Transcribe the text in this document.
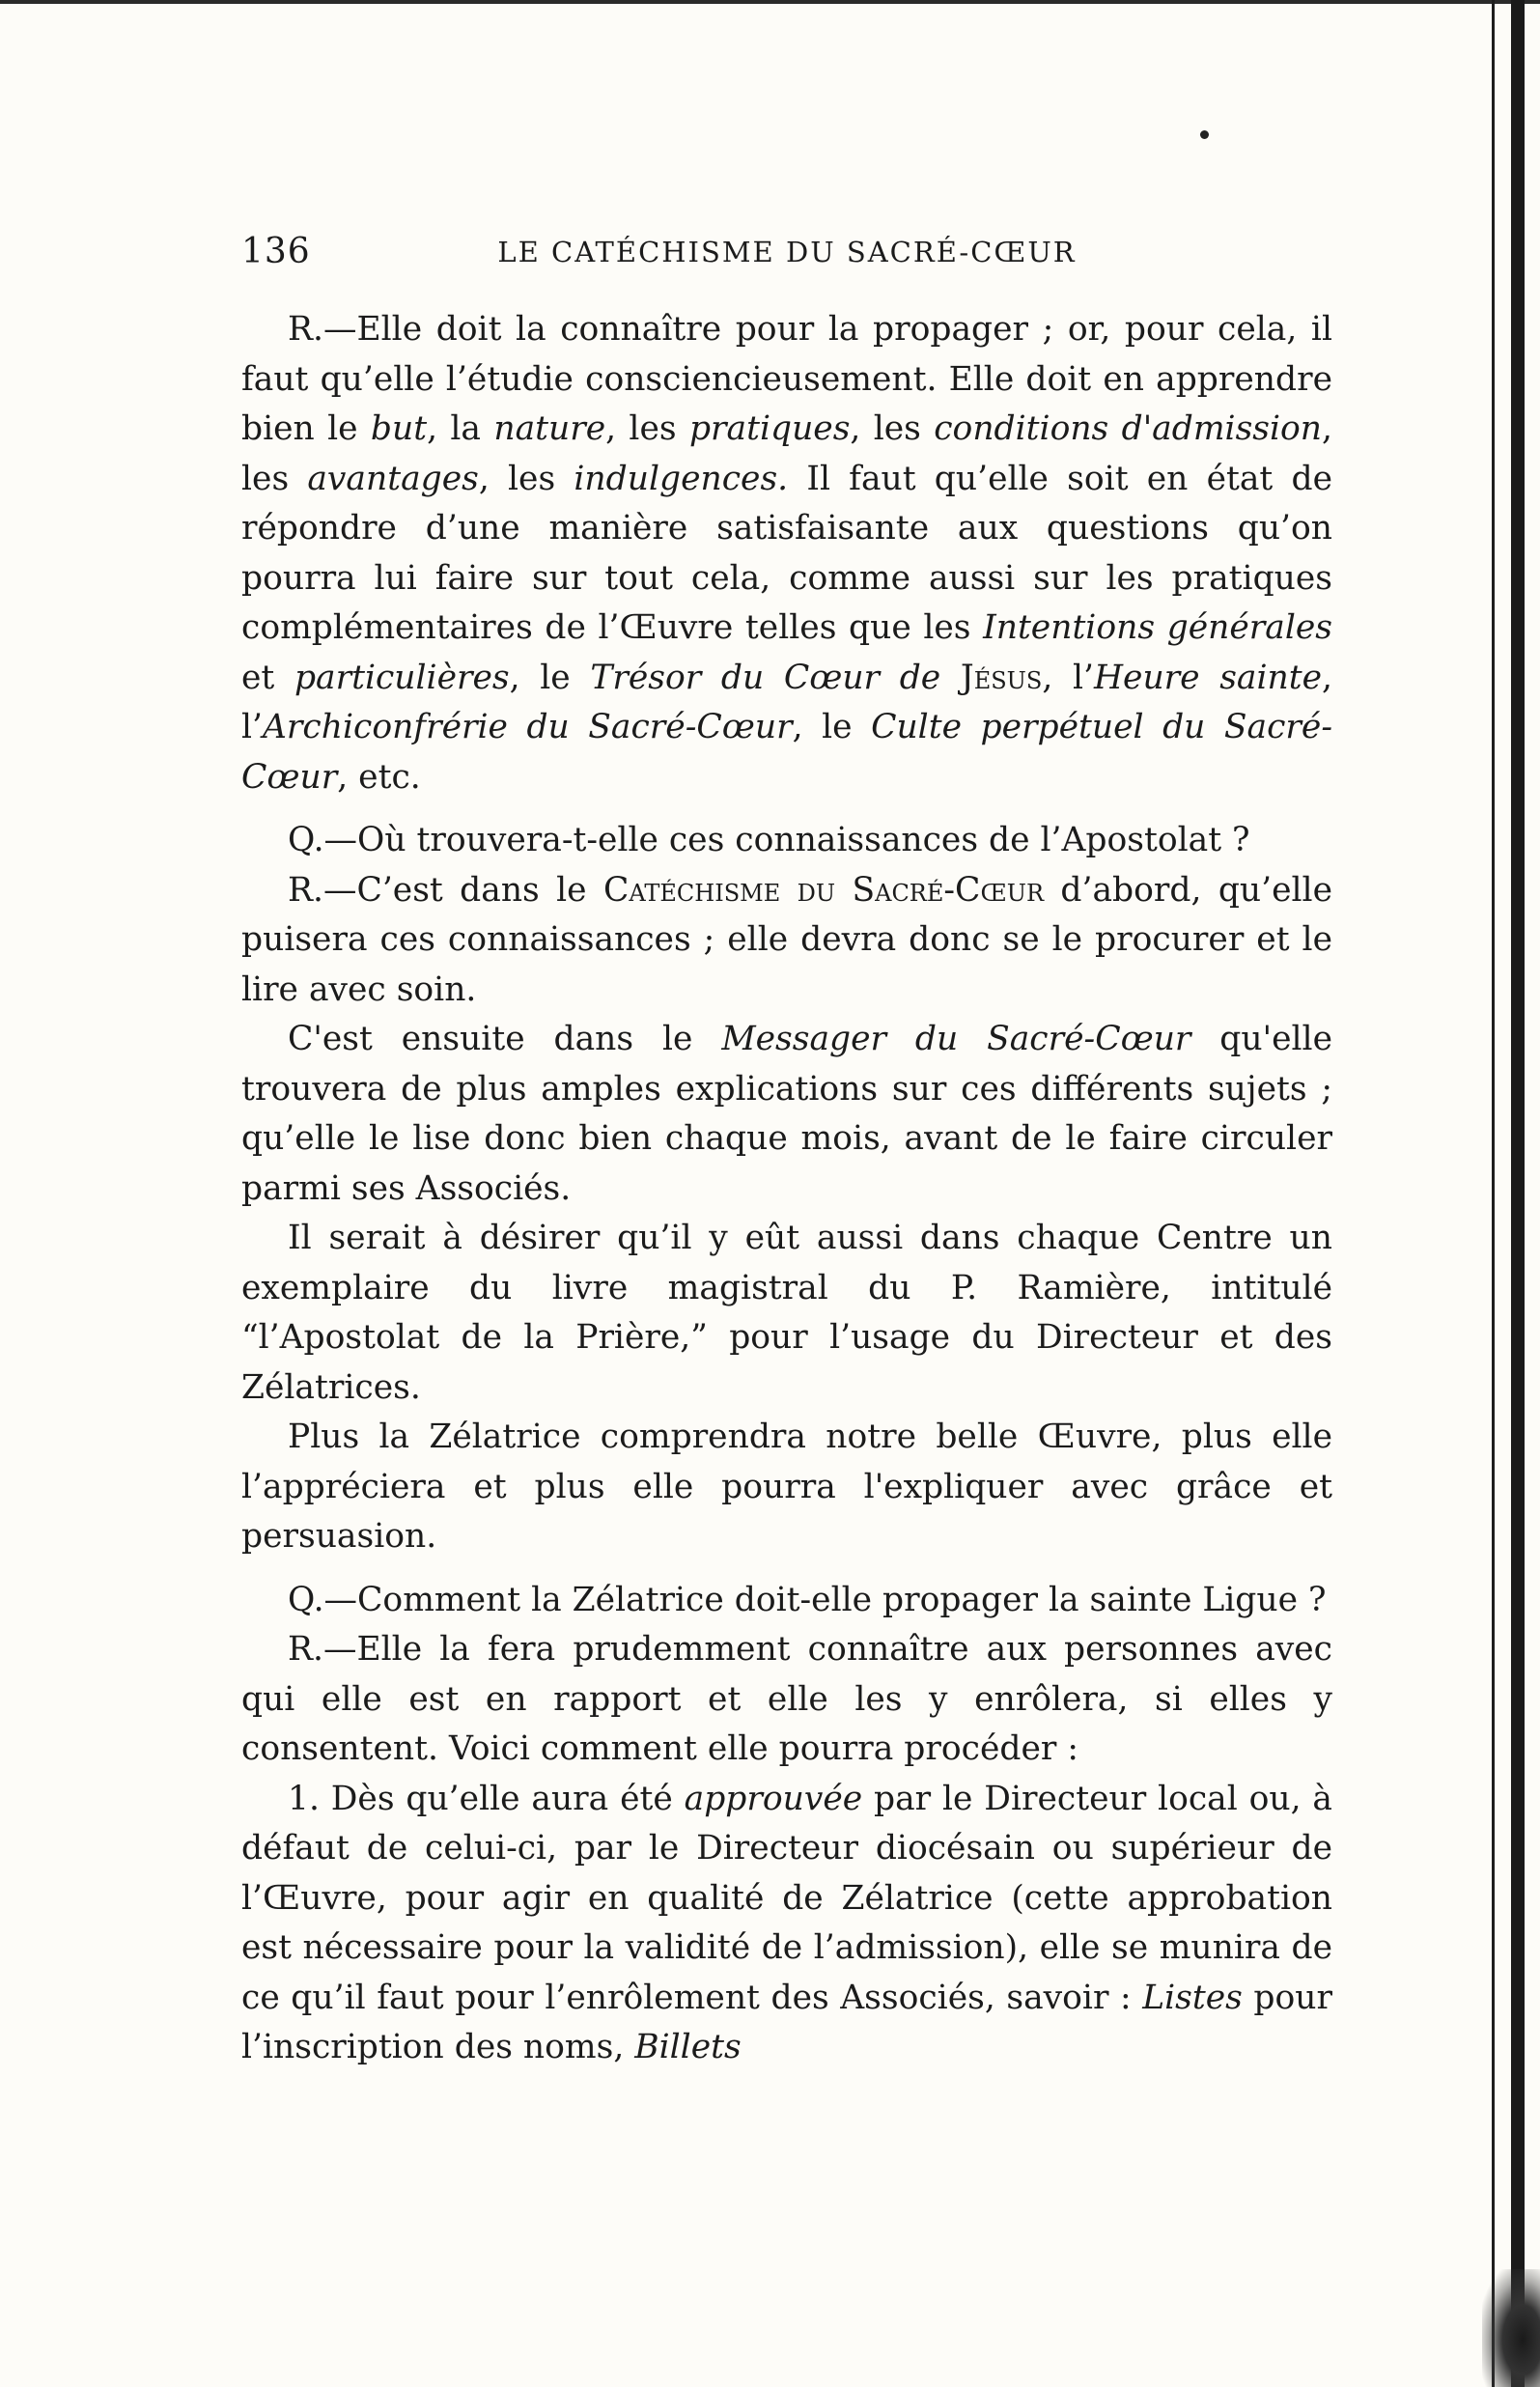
136	LE CATÉCHISME DU SACRÉ-CŒUR

R.—Elle doit la connaître pour la propager ; or, pour cela, il faut qu’elle l’étudie consciencieusement. Elle doit en apprendre bien le but, la nature, les pratiques, les conditions d'admission, les avantages, les indulgences. Il faut qu’elle soit en état de répondre d’une manière satisfaisante aux questions qu’on pourra lui faire sur tout cela, comme aussi sur les pratiques complémentaires de l’Œuvre telles que les Intentions générales et particulières, le Trésor du Cœur de Jésus, l’Heure sainte, l’Archiconfrérie du Sacré-Cœur, le Culte perpétuel du Sacré-Cœur, etc.

Q.—Où trouvera-t-elle ces connaissances de l’Apostolat ?

R.—C’est dans le Catéchisme du Sacré-Cœur d’abord, qu’elle puisera ces connaissances ; elle devra donc se le procurer et le lire avec soin.

C'est ensuite dans le Messager du Sacré-Cœur qu'elle trouvera de plus amples explications sur ces différents sujets ; qu’elle le lise donc bien chaque mois, avant de le faire circuler parmi ses Associés.

Il serait à désirer qu’il y eût aussi dans chaque Centre un exemplaire du livre magistral du P. Ramière, intitulé “l’Apostolat de la Prière,” pour l’usage du Directeur et des Zélatrices.

Plus la Zélatrice comprendra notre belle Œuvre, plus elle l’appréciera et plus elle pourra l'expliquer avec grâce et persuasion.

Q.—Comment la Zélatrice doit-elle propager la sainte Ligue ?

R.—Elle la fera prudemment connaître aux personnes avec qui elle est en rapport et elle les y enrôlera, si elles y consentent. Voici comment elle pourra procéder :

1. Dès qu’elle aura été approuvée par le Directeur local ou, à défaut de celui-ci, par le Directeur diocésain ou supérieur de l’Œuvre, pour agir en qualité de Zélatrice (cette approbation est nécessaire pour la validité de l’admission), elle se munira de ce qu’il faut pour l’enrôlement des Associés, savoir : Listes pour l’inscription des noms, Billets
